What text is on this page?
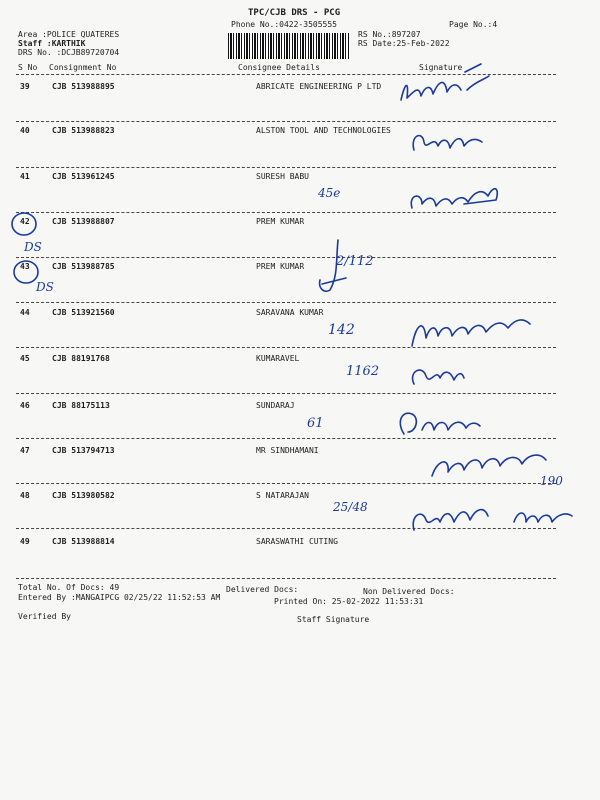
TPC/CJB DRS - PCG
Phone No.:0422-3505555	Page No.:4
Area :POLICE QUATERES
Staff :KARTHIK
DRS No. :DCJB89720704
RS No.:897207
RS Date:25-Feb-2022
S No Consignment No	Consignee Details	Signature
39	CJB 513988895	ABRICATE ENGINEERING P LTD
40	CJB 513988823	ALSTON TOOL AND TECHNOLOGIES
41	CJB 513961245	SURESH BABU
42	CJB 513988807	PREM KUMAR
43	CJB 513988785	PREM KUMAR
44	CJB 513921560	SARAVANA KUMAR
45	CJB 88191768	KUMARAVEL
46	CJB 88175113	SUNDARAJ
47	CJB 513794713	MR SINDHAMANI
48	CJB 513980582	S NATARAJAN
49	CJB 513988814	SARASWATHI CUTING
45e
2/112
142
1162
61
25/48
190
DS
DS
Total No. Of Docs: 49	Delivered Docs:	Non Delivered Docs:
Entered By :MANGAIPCG 02/25/22 11:52:53 AM	Printed On: 25-02-2022 11:53:31
Verified By	Staff Signature
